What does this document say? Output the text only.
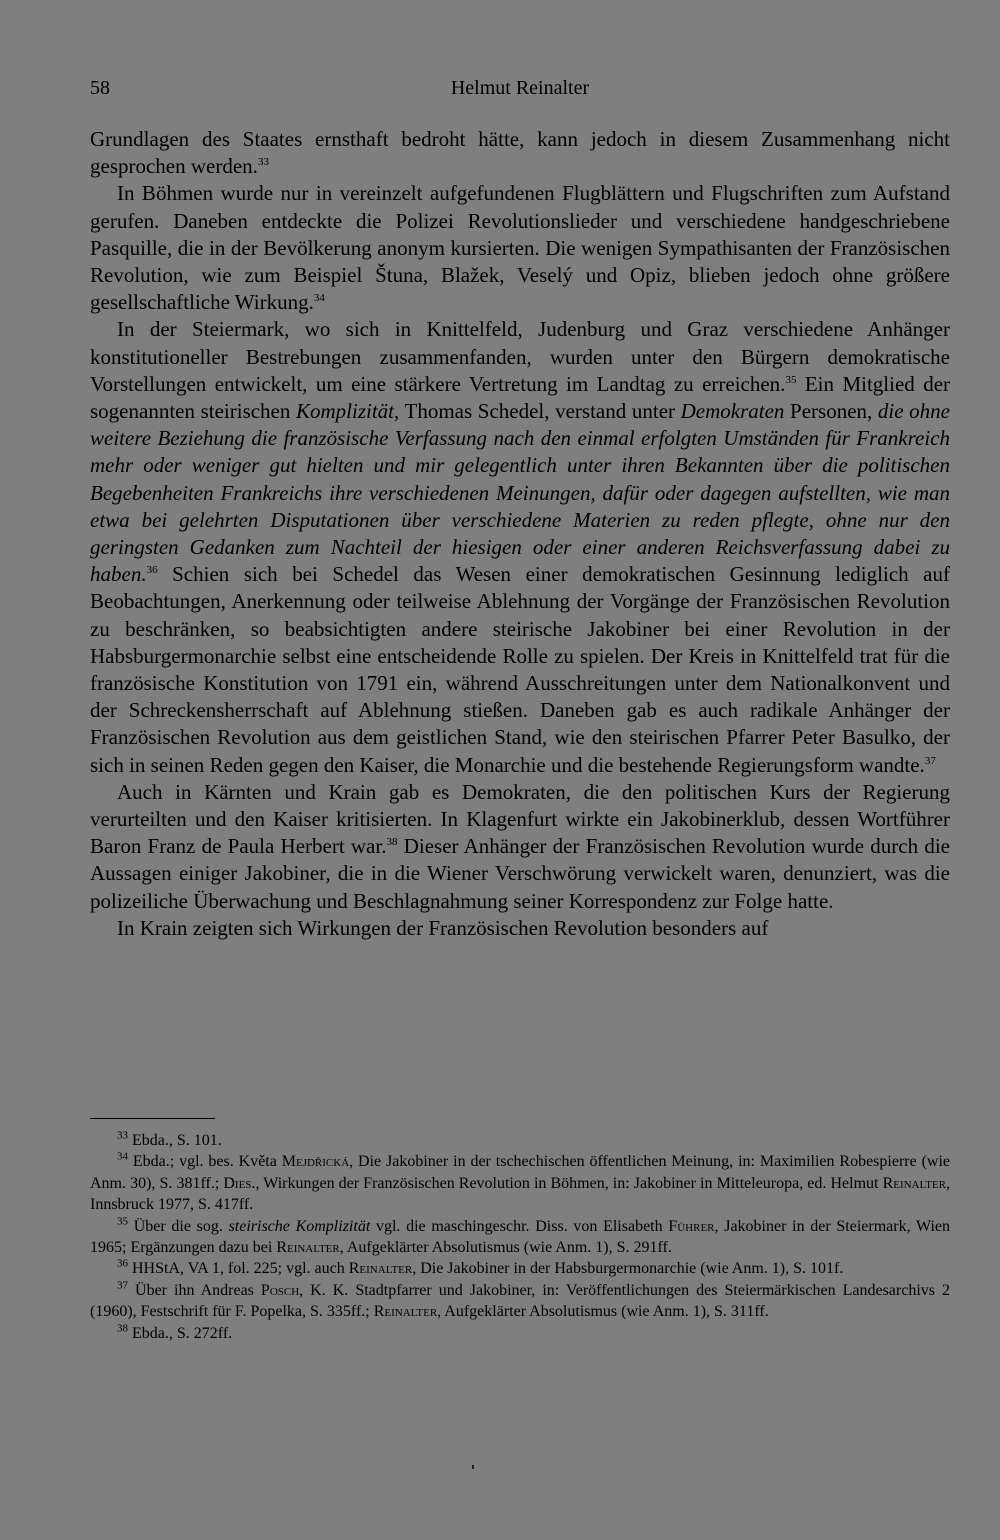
58	Helmut Reinalter

Grundlagen des Staates ernsthaft bedroht hätte, kann jedoch in diesem Zusammenhang nicht gesprochen werden.$^{33}$

In Böhmen wurde nur in vereinzelt aufgefundenen Flugblättern und Flugschriften zum Aufstand gerufen. Daneben entdeckte die Polizei Revolutionslieder und verschiedene handgeschriebene Pasquille, die in der Bevölkerung anonym kursierten. Die wenigen Sympathisanten der Französischen Revolution, wie zum Beispiel Štuna, Blažek, Veselý und Opiz, blieben jedoch ohne größere gesellschaftliche Wirkung.$^{34}$

In der Steiermark, wo sich in Knittelfeld, Judenburg und Graz verschiedene Anhänger konstitutioneller Bestrebungen zusammenfanden, wurden unter den Bürgern demokratische Vorstellungen entwickelt, um eine stärkere Vertretung im Landtag zu erreichen.$^{35}$ Ein Mitglied der sogenannten steirischen Komplizität, Thomas Schedel, verstand unter Demokraten Personen, die ohne weitere Beziehung die französische Verfassung nach den einmal erfolgten Umständen für Frankreich mehr oder weniger gut hielten und mir gelegentlich unter ihren Bekannten über die politischen Begebenheiten Frankreichs ihre verschiedenen Meinungen, dafür oder dagegen aufstellten, wie man etwa bei gelehrten Disputationen über verschiedene Materien zu reden pflegte, ohne nur den geringsten Gedanken zum Nachteil der hiesigen oder einer anderen Reichsverfassung dabei zu haben.$^{36}$ Schien sich bei Schedel das Wesen einer demokratischen Gesinnung lediglich auf Beobachtungen, Anerkennung oder teilweise Ablehnung der Vorgänge der Französischen Revolution zu beschränken, so beabsichtigten andere steirische Jakobiner bei einer Revolution in der Habsburgermonarchie selbst eine entscheidende Rolle zu spielen. Der Kreis in Knittelfeld trat für die französische Konstitution von 1791 ein, während Ausschreitungen unter dem Nationalkonvent und der Schreckensherrschaft auf Ablehnung stießen. Daneben gab es auch radikale Anhänger der Französischen Revolution aus dem geistlichen Stand, wie den steirischen Pfarrer Peter Basulko, der sich in seinen Reden gegen den Kaiser, die Monarchie und die bestehende Regierungsform wandte.$^{37}$

Auch in Kärnten und Krain gab es Demokraten, die den politischen Kurs der Regierung verurteilten und den Kaiser kritisierten. In Klagenfurt wirkte ein Jakobinerklub, dessen Wortführer Baron Franz de Paula Herbert war.$^{38}$ Dieser Anhänger der Französischen Revolution wurde durch die Aussagen einiger Jakobiner, die in die Wiener Verschwörung verwickelt waren, denunziert, was die polizeiliche Überwachung und Beschlagnahmung seiner Korrespondenz zur Folge hatte.

In Krain zeigten sich Wirkungen der Französischen Revolution besonders auf

$^{33}$ Ebda., S. 101.

$^{34}$ Ebda.; vgl. bes. Květa Mejdřická, Die Jakobiner in der tschechischen öffentlichen Meinung, in: Maximilien Robespierre (wie Anm. 30), S. 381ff.; Dies., Wirkungen der Französischen Revolution in Böhmen, in: Jakobiner in Mitteleuropa, ed. Helmut Reinalter, Innsbruck 1977, S. 417ff.

$^{35}$ Über die sog. steirische Komplizität vgl. die maschingeschr. Diss. von Elisabeth Führer, Jakobiner in der Steiermark, Wien 1965; Ergänzungen dazu bei Reinalter, Aufgeklärter Absolutismus (wie Anm. 1), S. 291ff.

$^{36}$ HHStA, VA 1, fol. 225; vgl. auch Reinalter, Die Jakobiner in der Habsburgermonarchie (wie Anm. 1), S. 101f.

$^{37}$ Über ihn Andreas Posch, K. K. Stadtpfarrer und Jakobiner, in: Veröffentlichungen des Steiermärkischen Landesarchivs 2 (1960), Festschrift für F. Popelka, S. 335ff.; Reinalter, Aufgeklärter Absolutismus (wie Anm. 1), S. 311ff.

$^{38}$ Ebda., S. 272ff.
